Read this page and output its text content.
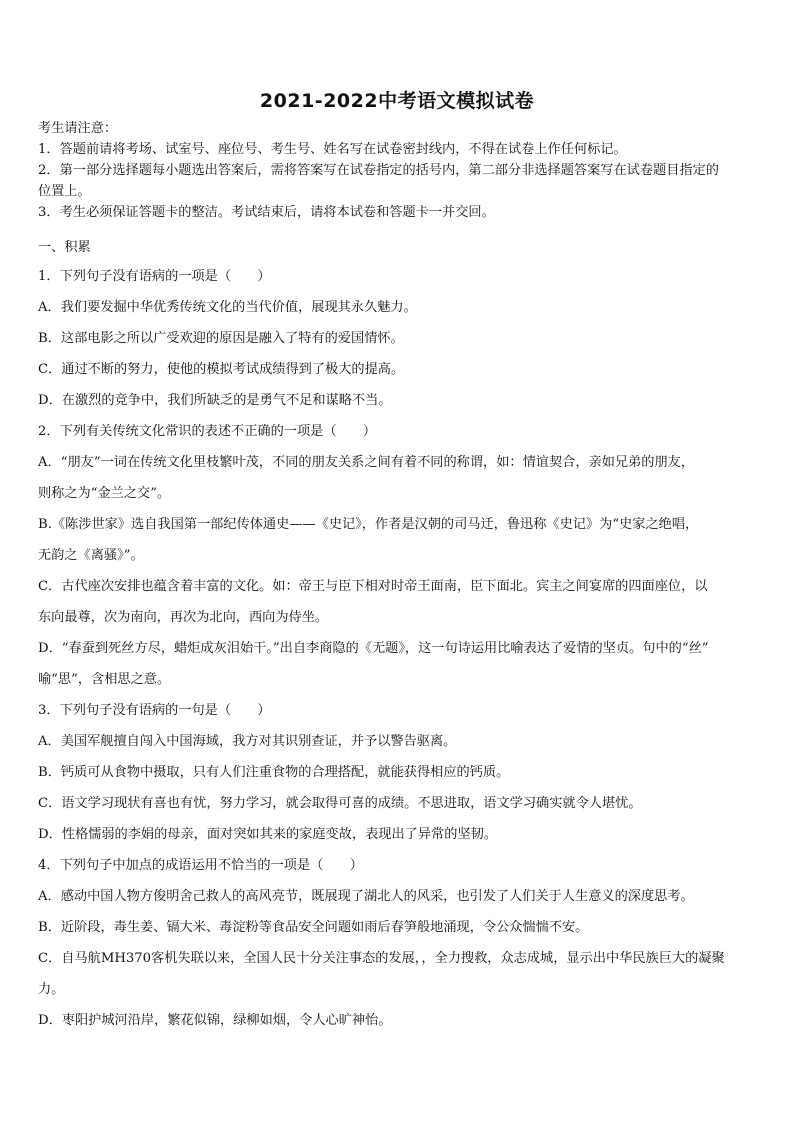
2021-2022中考语文模拟试卷
考生请注意：
1．答题前请将考场、试室号、座位号、考生号、姓名写在试卷密封线内，不得在试卷上作任何标记。
2．第一部分选择题每小题选出答案后，需将答案写在试卷指定的括号内，第二部分非选择题答案写在试卷题目指定的
位置上。
3．考生必须保证答题卡的整洁。考试结束后，请将本试卷和答题卡一并交回。
一、积累
1．下列句子没有语病的一项是（　　）
A．我们要发掘中华优秀传统文化的当代价值，展现其永久魅力。
B．这部电影之所以广受欢迎的原因是融入了特有的爱国情怀。
C．通过不断的努力，使他的模拟考试成绩得到了极大的提高。
D．在激烈的竞争中，我们所缺乏的是勇气不足和谋略不当。
2．下列有关传统文化常识的表述不正确的一项是（　　）
A．“朋友”一词在传统文化里枝繁叶茂，不同的朋友关系之间有着不同的称谓，如：情谊契合，亲如兄弟的朋友，
则称之为“金兰之交”。
B.《陈涉世家》选自我国第一部纪传体通史——《史记》，作者是汉朝的司马迁，鲁迅称《史记》为“史家之绝唱，
无韵之《离骚》”。
C．古代座次安排也蕴含着丰富的文化。如：帝王与臣下相对时帝王面南，臣下面北。宾主之间宴席的四面座位，以
东向最尊，次为南向，再次为北向，西向为侍坐。
D．“春蚕到死丝方尽，蜡炬成灰泪始干。”出自李商隐的《无题》，这一句诗运用比喻表达了爱情的坚贞。句中的“丝”
喻“思”，含相思之意。
3．下列句子没有语病的一句是（　　）
A．美国军舰擅自闯入中国海域，我方对其识别查证，并予以警告驱离。
B．钙质可从食物中摄取，只有人们注重食物的合理搭配，就能获得相应的钙质。
C．语文学习现状有喜也有忧，努力学习，就会取得可喜的成绩。不思进取，语文学习确实就令人堪忧。
D．性格懦弱的李娟的母亲，面对突如其来的家庭变故，表现出了异常的坚韧。
4．下列句子中加点的成语运用不恰当的一项是（　　）
A．感动中国人物方俊明舍己救人的高风亮节，既展现了湖北人的风采，也引发了人们关于人生意义的深度思考。
B．近阶段，毒生姜、镉大米、毒淀粉等食品安全问题如雨后春笋般地涌现，令公众惴惴不安。
C．自马航MH370客机失联以来，全国人民十分关注事态的发展，，全力搜救，众志成城，显示出中华民族巨大的凝聚
力。
D．枣阳护城河沿岸，繁花似锦，绿柳如烟，令人心旷神怡。
